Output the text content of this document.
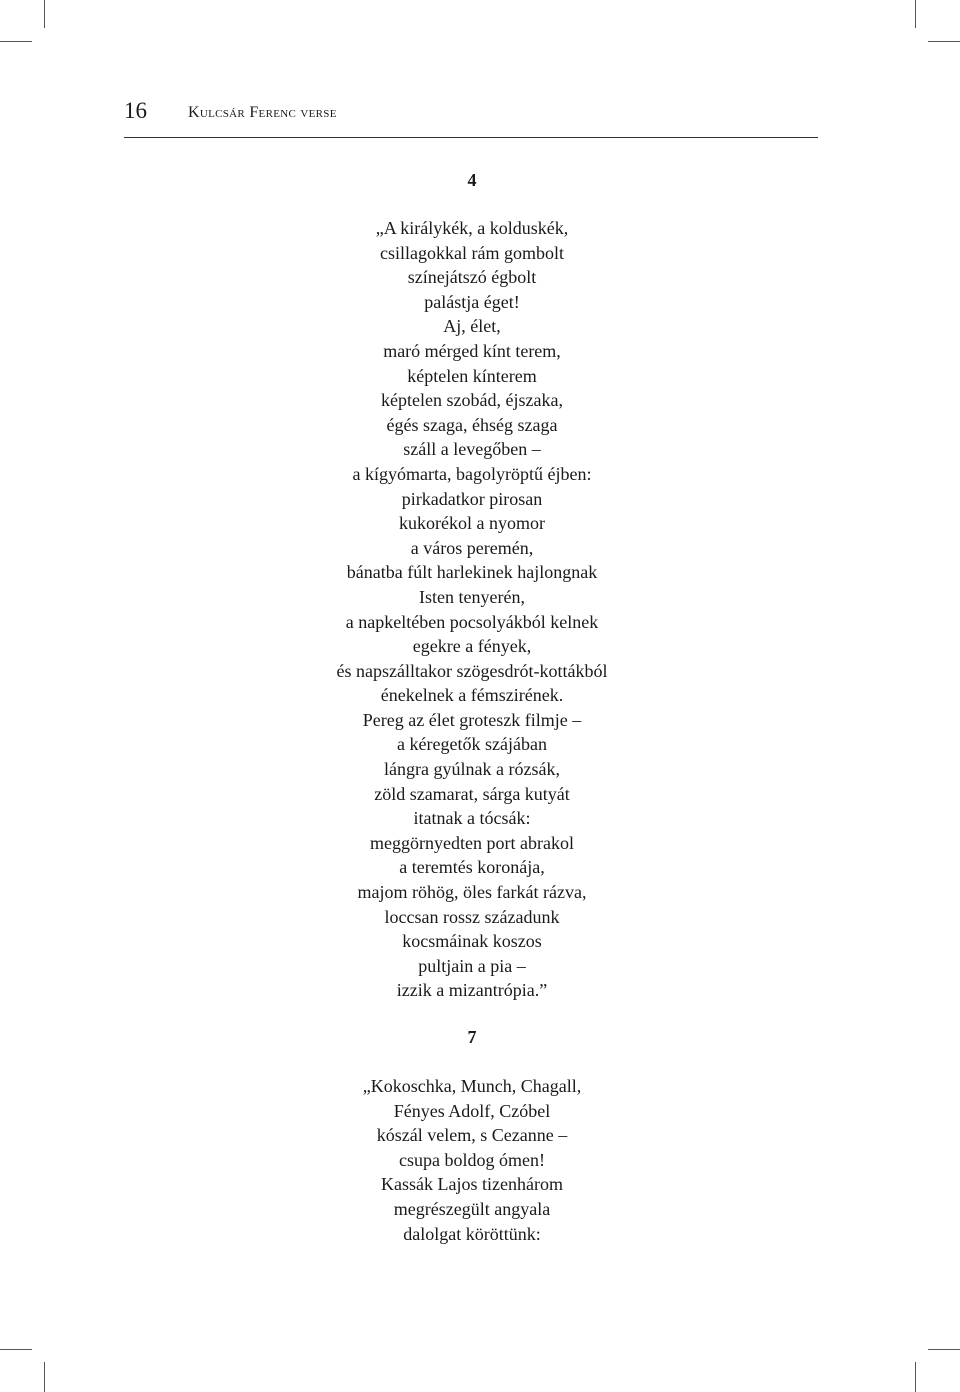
16	Kulcsár Ferenc verse
4
„A királykék, a kolduskék,
csillagokkal rám gombolt
színejátszó égbolt
palástja éget!
Aj, élet,
maró mérged kínt terem,
képtelen kínterem
képtelen szobád, éjszaka,
égés szaga, éhség szaga
száll a levegőben –
a kígyómarta, bagolyröptű éjben:
pirkadatkor pirosan
kukorékol a nyomor
a város peremén,
bánatba fúlt harlekinek hajlongnak
Isten tenyerén,
a napkeltében pocsolyákból kelnek
egekre a fények,
és napszálltakor szögesdrót-kottákból
énekelnek a fémszirének.
Pereg az élet groteszk filmje –
a kéregetők szájában
lángra gyúlnak a rózsák,
zöld szamarat, sárga kutyát
itatnak a tócsák:
meggörnyedten port abrakol
a teremtés koronája,
majom röhög, öles farkát rázva,
loccsan rossz századunk
kocsmáinak koszos
pultjain a pia –
izzik a mizantrópia.”
7
„Kokoschka, Munch, Chagall,
Fényes Adolf, Czóbel
kószál velem, s Cezanne –
csupa boldog ómen!
Kassák Lajos tizenhárom
megrészegült angyala
dalolgat köröttünk:
